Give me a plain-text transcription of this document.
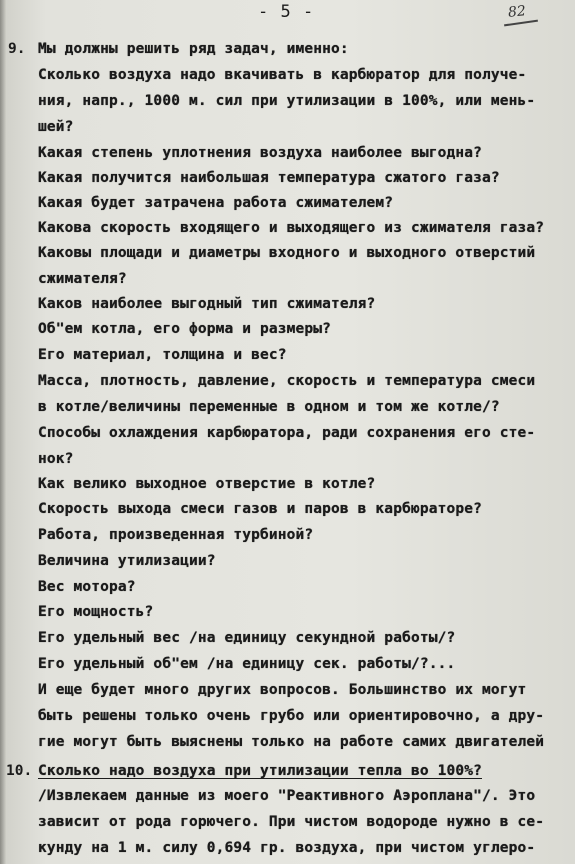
- 5 -	82
9. Мы должны решить ряд задач, именно:
Сколько воздуха надо вкачивать в карбюратор для получе-
ния, напр., 1000 м. сил при утилизации в 100%, или мень-
шей?
Какая степень уплотнения воздуха наиболее выгодна?
Какая получится наибольшая температура сжатого газа?
Какая будет затрачена работа сжимателем?
Какова скорость входящего и выходящего из сжимателя газа?
Каковы площади и диаметры входного и выходного отверстий
сжимателя?
Каков наиболее выгодный тип сжимателя?
Об"ем котла, его форма и размеры?
Его материал, толщина и вес?
Масса, плотность, давление, скорость и температура смеси
в котле/величины переменные в одном и том же котле/?
Способы охлаждения карбюратора, ради сохранения его сте-
нок?
Как велико выходное отверстие в котле?
Скорость выхода смеси газов и паров в карбюраторе?
Работа, произведенная турбиной?
Величина утилизации?
Вес мотора?
Его мощность?
Его удельный вес /на единицу секундной работы/?
Его удельный об"ем /на единицу сек. работы/?...
И еще будет много других вопросов. Большинство их могут
быть решены только очень грубо или ориентировочно, а дру-
гие могут быть выяснены только на работе самих двигателей
10. Сколько надо воздуха при утилизации тепла во 100%?
/Извлекаем данные из моего "Реактивного Аэроплана"/. Это
зависит от рода горючего. При чистом водороде нужно в се-
кунду на 1 м. силу 0,694 гр. воздуха, при чистом углеро-
